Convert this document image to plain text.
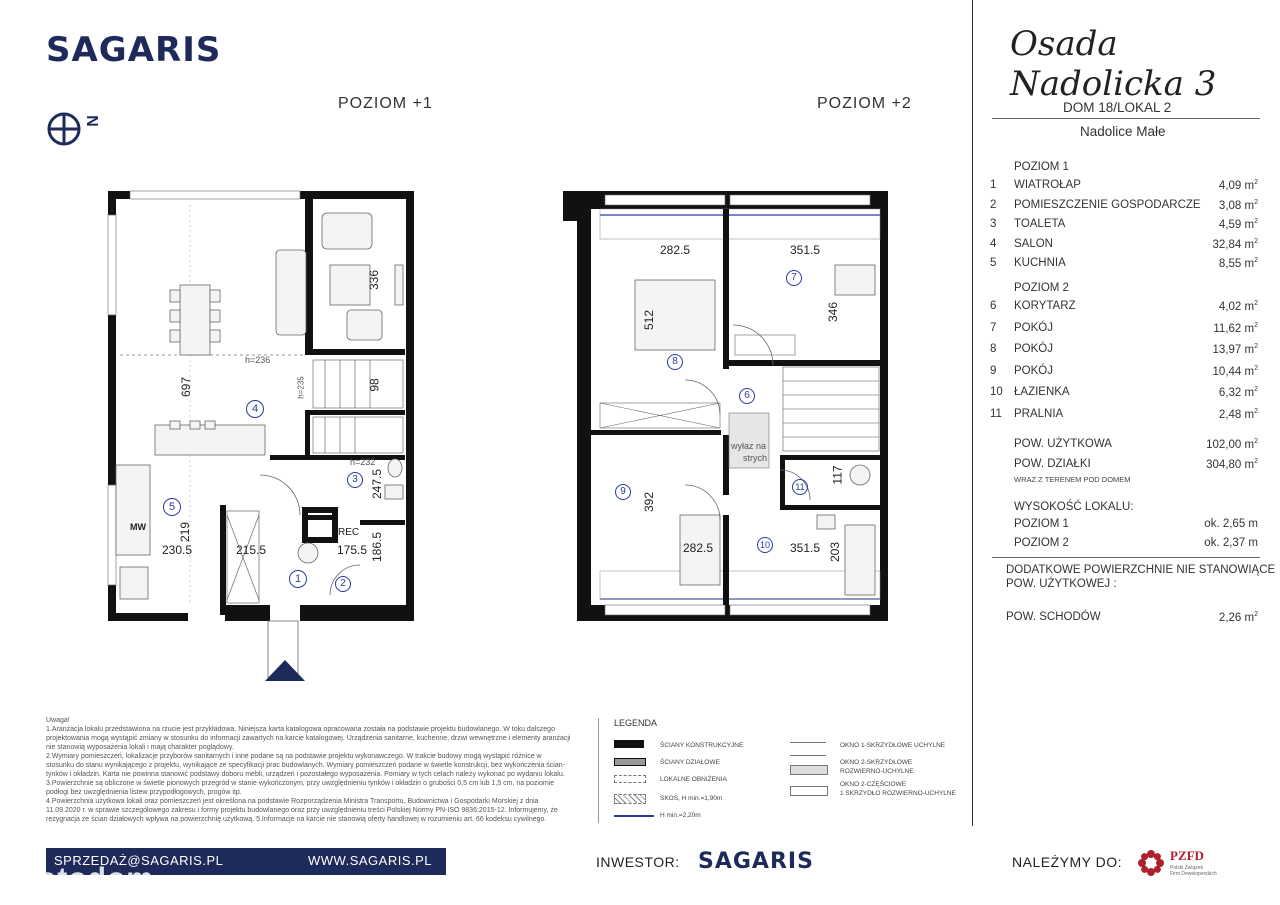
SAGARIS
N
POZIOM +1	POZIOM +2
Osada Nadolicka 3
DOM 18/LOKAL 2
Nadolice Małe
POZIOM 1
1 WIATROŁAP	4,09 $m^2$
2 POMIESZCZENIE GOSPODARCZE 3,08 $m^2$
3 TOALETA	4,59 $m^2$
4 SALON	32,84 $m^2$
5 KUCHNIA	8,55 $m^2$
POZIOM 2
6 KORYTARZ	4,02 $m^2$
7 POKÓJ	11,62 $m^2$
8 POKÓJ	13,97 $m^2$
9 POKÓJ	10,44 $m^2$
10 ŁAZIENKA	6,32 $m^2$
11 PRALNIA	2,48 $m^2$
POW. UŻYTKOWA	102,00 $m^2$
POW. DZIAŁKI	304,80 $m^2$
WRAZ Z TERENEM POD DOMEM
WYSOKOŚĆ LOKALU:
POZIOM 1	ok. 2,65 m
POZIOM 2	ok. 2,37 m
DODATKOWE POWIERZCHNIE NIE STANOWIĄCE
POW. UŻYTKOWEJ :
POW. SCHODÓW	2,26 $m^2$
4
5
3
1	2
336
697	98
247.5
219
230.5	215.5	175.5 186.5
h=236
h=232
h=235
REC
MW
7
8
6
9	11
10
282.5	351.5
512	346
392
117
282.5	351.5 203
wyłaz na
strych
Uwaga!
1.Aranżacja lokalu przedstawiona na rzucie jest przykładowa. Niniejsza karta katalogowa opracowana została na podstawie projektu budowlanego. W toku dalszego
projektowania mogą wystąpić zmiany w stosunku do informacji zawartych na karcie katalogowej. Urządzenia sanitarne, kuchenne, drzwi wewnętrzne i elementy aranżacji
nie stanowią wyposażenia lokali i mają charakter poglądowy.
2.Wymiary pomieszczeń, lokalizacje przyborów sanitarnych i inne podane są na podstawie projektu wykonawczego. W trakcie budowy mogą wystąpić różnice w
stosunku do stanu wynikającego z projektu, wynikające ze specyfikacji prac budowlanych. Wymiary pomieszczeń podane w świetle konstrukcji, bez wykończenia ścian-
tynków i okładzin. Karta nie powinna stanowić podstawy doboru mebli, urządzeń i pozostałego wyposażenia. Pomiary w tych celach należy wykonać po wydaniu lokalu.
3.Powierzchnie są obliczone w świetle pionowych przegród w stanie wykończonym, przy uwzględnieniu tynków i okładzin o grubości 0,5 cm lub 1,5 cm, na poziomie
podłogi bez uwzględnienia listew przypodłogowych, progów itp.
4.Powierzchnia użytkowa lokali oraz pomieszczeń jest określona na podstawie Rozporządzenia Ministra Transportu, Budownictwa i Gospodarki Morskiej z dnia
11.09.2020 r. w sprawie szczegółowego zakresu i formy projektu budowlanego oraz przy uwzględnieniu treści Polskiej Normy PN-ISO 9836:2015-12. Informujemy, że
rezygnacja ze ścian działowych wpływa na powierzchnię użytkową. 5.Informacje na karcie nie stanowią oferty handlowej w rozumieniu art. 66 kodeksu cywilnego.
LEGENDA
ŚCIANY KONSTRUKCYJNE
ŚCIANY DZIAŁOWE
LOKALNE OBNIŻENIA
SKOS, H min.=1,90m
H min.=2,20m
OKNO 1-SKRZYDŁOWE UCHYLNE
OKNO 2-SKRZYDŁOWE
ROZWIERNO-UCHYLNE
OKNO 2-CZĘŚCIOWE
1 SKRZYDŁO ROZWIERNO-UCHYLNE
SPRZEDAŻ@SAGARIS.PL	WWW.SAGARIS.PL
otodom	INWESTOR: SAGARIS	NALEŻYMY DO:	PZFD
Polski Związek
Firm Deweloperskich
